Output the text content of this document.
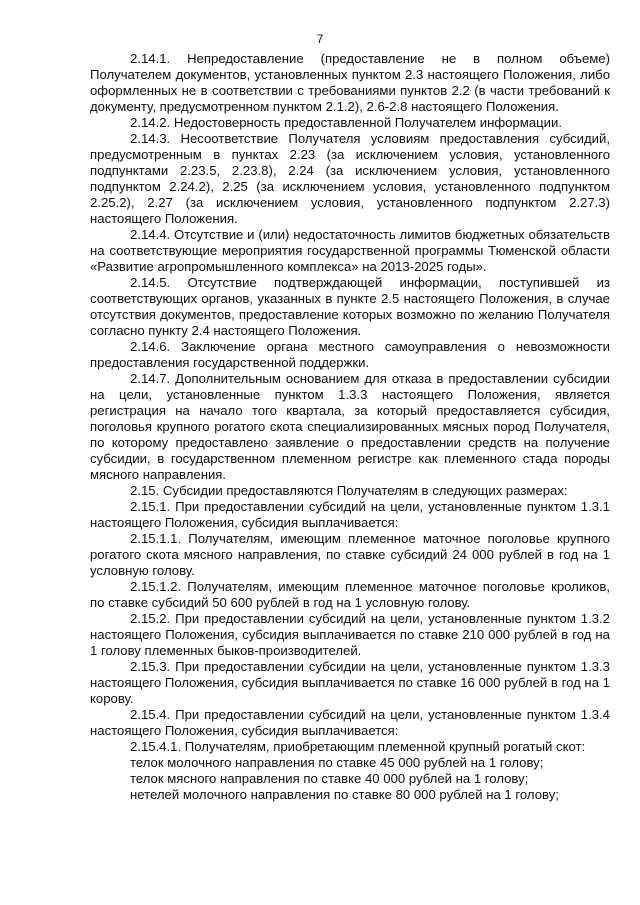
7

2.14.1. Непредоставление (предоставление не в полном объеме) Получателем документов, установленных пунктом 2.3 настоящего Положения, либо оформленных не в соответствии с требованиями пунктов 2.2 (в части требований к документу, предусмотренном пунктом 2.1.2), 2.6-2.8 настоящего Положения.

2.14.2. Недостоверность предоставленной Получателем информации.

2.14.3. Несоответствие Получателя условиям предоставления субсидий, предусмотренным в пунктах 2.23 (за исключением условия, установленного подпунктами 2.23.5, 2.23.8), 2.24 (за исключением условия, установленного подпунктом 2.24.2), 2.25 (за исключением условия, установленного подпунктом 2.25.2), 2.27 (за исключением условия, установленного подпунктом 2.27.3) настоящего Положения.

2.14.4. Отсутствие и (или) недостаточность лимитов бюджетных обязательств на соответствующие мероприятия государственной программы Тюменской области «Развитие агропромышленного комплекса» на 2013-2025 годы».

2.14.5. Отсутствие подтверждающей информации, поступившей из соответствующих органов, указанных в пункте 2.5 настоящего Положения, в случае отсутствия документов, предоставление которых возможно по желанию Получателя согласно пункту 2.4 настоящего Положения.

2.14.6. Заключение органа местного самоуправления о невозможности предоставления государственной поддержки.

2.14.7. Дополнительным основанием для отказа в предоставлении субсидии на цели, установленные пунктом 1.3.3 настоящего Положения, является регистрация на начало того квартала, за который предоставляется субсидия, поголовья крупного рогатого скота специализированных мясных пород Получателя, по которому предоставлено заявление о предоставлении средств на получение субсидии, в государственном племенном регистре как племенного стада породы мясного направления.

2.15. Субсидии предоставляются Получателям в следующих размерах:

2.15.1. При предоставлении субсидий на цели, установленные пунктом 1.3.1 настоящего Положения, субсидия выплачивается:

2.15.1.1. Получателям, имеющим племенное маточное поголовье крупного рогатого скота мясного направления, по ставке субсидий 24 000 рублей в год на 1 условную голову.

2.15.1.2. Получателям, имеющим племенное маточное поголовье кроликов, по ставке субсидий 50 600 рублей в год на 1 условную голову.

2.15.2. При предоставлении субсидий на цели, установленные пунктом 1.3.2 настоящего Положения, субсидия выплачивается по ставке 210 000 рублей в год на 1 голову племенных быков-производителей.

2.15.3. При предоставлении субсидии на цели, установленные пунктом 1.3.3 настоящего Положения, субсидия выплачивается по ставке 16 000 рублей в год на 1 корову.

2.15.4. При предоставлении субсидий на цели, установленные пунктом 1.3.4 настоящего Положения, субсидия выплачивается:

2.15.4.1. Получателям, приобретающим племенной крупный рогатый скот:

телок молочного направления по ставке 45 000 рублей на 1 голову;

телок мясного направления по ставке 40 000 рублей на 1 голову;

нетелей молочного направления по ставке 80 000 рублей на 1 голову;
